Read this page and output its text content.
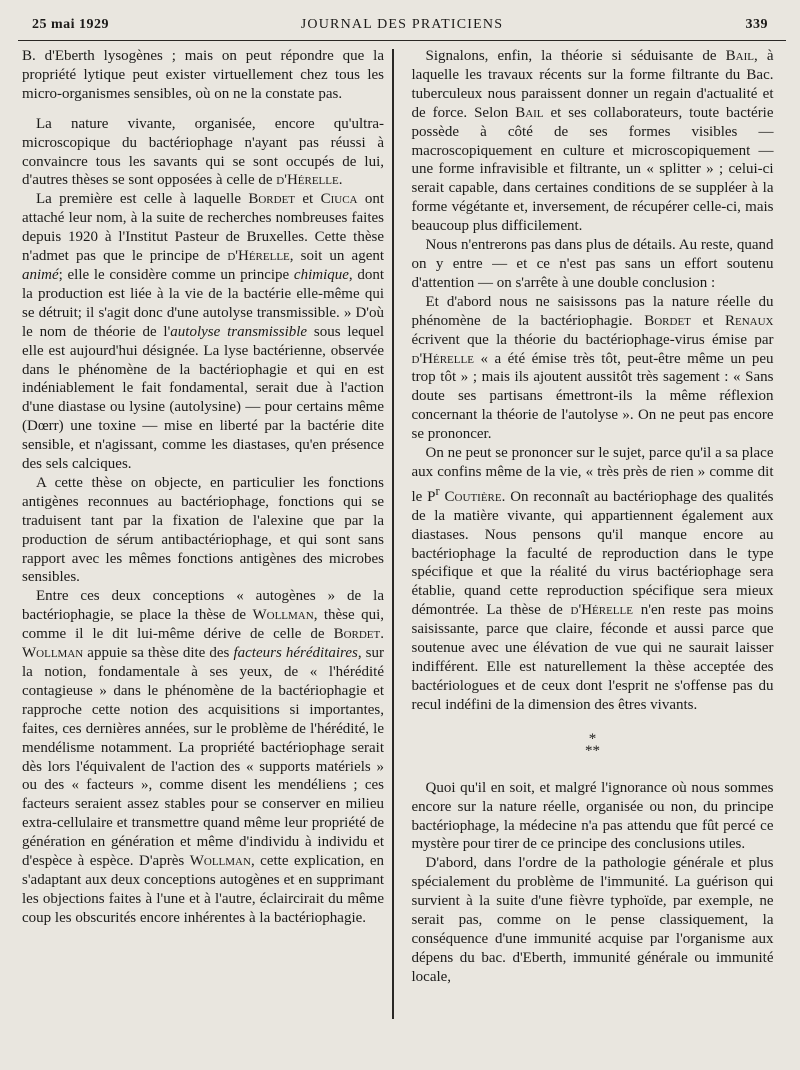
25 mai 1929	JOURNAL DES PRATICIENS	339

B. d'Eberth lysogènes ; mais on peut répondre que la propriété lytique peut exister virtuellement chez tous les micro-organismes sensibles, où on ne la constate pas.

La nature vivante, organisée, encore qu'ultra-microscopique du bactériophage n'ayant pas réussi à convaincre tous les savants qui se sont occupés de lui, d'autres thèses se sont opposées à celle de d'Hérelle.

La première est celle à laquelle Bordet et Ciuca ont attaché leur nom, à la suite de recherches nombreuses faites depuis 1920 à l'Institut Pasteur de Bruxelles. Cette thèse n'admet pas que le principe de d'Hérelle, soit un agent animé; elle le considère comme un principe chimique, dont la production est liée à la vie de la bactérie elle-même qui se détruit; il s'agit donc d'une autolyse transmissible. » D'où le nom de théorie de l'autolyse transmissible sous lequel elle est aujourd'hui désignée. La lyse bactérienne, observée dans le phénomène de la bactériophagie et qui en est indéniablement le fait fondamental, serait due à l'action d'une diastase ou lysine (autolysine) — pour certains même (Dœrr) une toxine — mise en liberté par la bactérie dite sensible, et n'agissant, comme les diastases, qu'en présence des sels calciques.

A cette thèse on objecte, en particulier les fonctions antigènes reconnues au bactériophage, fonctions qui se traduisent tant par la fixation de l'alexine que par la production de sérum antibactériophage, et qui sont sans rapport avec les mêmes fonctions antigènes des microbes sensibles.

Entre ces deux conceptions « autogènes » de la bactériophagie, se place la thèse de Wollman, thèse qui, comme il le dit lui-même dérive de celle de Bordet. Wollman appuie sa thèse dite des facteurs héréditaires, sur la notion, fondamentale à ses yeux, de « l'hérédité contagieuse » dans le phénomène de la bactériophagie et rapproche cette notion des acquisitions si importantes, faites, ces dernières années, sur le problème de l'hérédité, le mendélisme notamment. La propriété bactériophage serait dès lors l'équivalent de l'action des « supports matériels » ou des « facteurs », comme disent les mendéliens ; ces facteurs seraient assez stables pour se conserver en milieu extra-cellulaire et transmettre quand même leur propriété de génération en génération et même d'individu à individu et d'espèce à espèce. D'après Wollman, cette explication, en s'adaptant aux deux conceptions autogènes et en supprimant les objections faites à l'une et à l'autre, éclaircirait du même coup les obscurités encore inhérentes à la bactériophagie.

Signalons, enfin, la théorie si séduisante de Bail, à laquelle les travaux récents sur la forme filtrante du Bac. tuberculeux nous paraissent donner un regain d'actualité et de force. Selon Bail et ses collaborateurs, toute bactérie possède à côté de ses formes visibles — macroscopiquement en culture et microscopiquement — une forme infravisible et filtrante, un « splitter » ; celui-ci serait capable, dans certaines conditions de se suppléer à la forme végétante et, inversement, de récupérer celle-ci, mais beaucoup plus difficilement.

Nous n'entrerons pas dans plus de détails. Au reste, quand on y entre — et ce n'est pas sans un effort soutenu d'attention — on s'arrête à une double conclusion :

Et d'abord nous ne saisissons pas la nature réelle du phénomène de la bactériophagie. Bordet et Renaux écrivent que la théorie du bactériophage-virus émise par d'Hérelle « a été émise très tôt, peut-être même un peu trop tôt » ; mais ils ajoutent aussitôt très sagement : « Sans doute ses partisans émettront-ils la même réflexion concernant la théorie de l'autolyse ». On ne peut pas encore se prononcer.

On ne peut se prononcer sur le sujet, parce qu'il a sa place aux confins même de la vie, « très près de rien » comme dit le $P^r$ Coutière. On reconnaît au bactériophage des qualités de la matière vivante, qui appartiennent également aux diastases. Nous pensons qu'il manque encore au bactériophage la faculté de reproduction dans le type spécifique et que la réalité du virus bactériophage sera établie, quand cette reproduction spécifique sera mieux démontrée. La thèse de d'Hérelle n'en reste pas moins saisissante, parce que claire, féconde et aussi parce que soutenue avec une élévation de vue qui ne saurait laisser indifférent. Elle est naturellement la thèse acceptée des bactériologues et de ceux dont l'esprit ne s'offense pas du recul indéfini de la dimension des êtres vivants.

*
**

Quoi qu'il en soit, et malgré l'ignorance où nous sommes encore sur la nature réelle, organisée ou non, du principe bactériophage, la médecine n'a pas attendu que fût percé ce mystère pour tirer de ce principe des conclusions utiles.

D'abord, dans l'ordre de la pathologie générale et plus spécialement du problème de l'immunité. La guérison qui survient à la suite d'une fièvre typhoïde, par exemple, ne serait pas, comme on le pense classiquement, la conséquence d'une immunité acquise par l'organisme aux dépens du bac. d'Eberth, immunité générale ou immunité locale,
